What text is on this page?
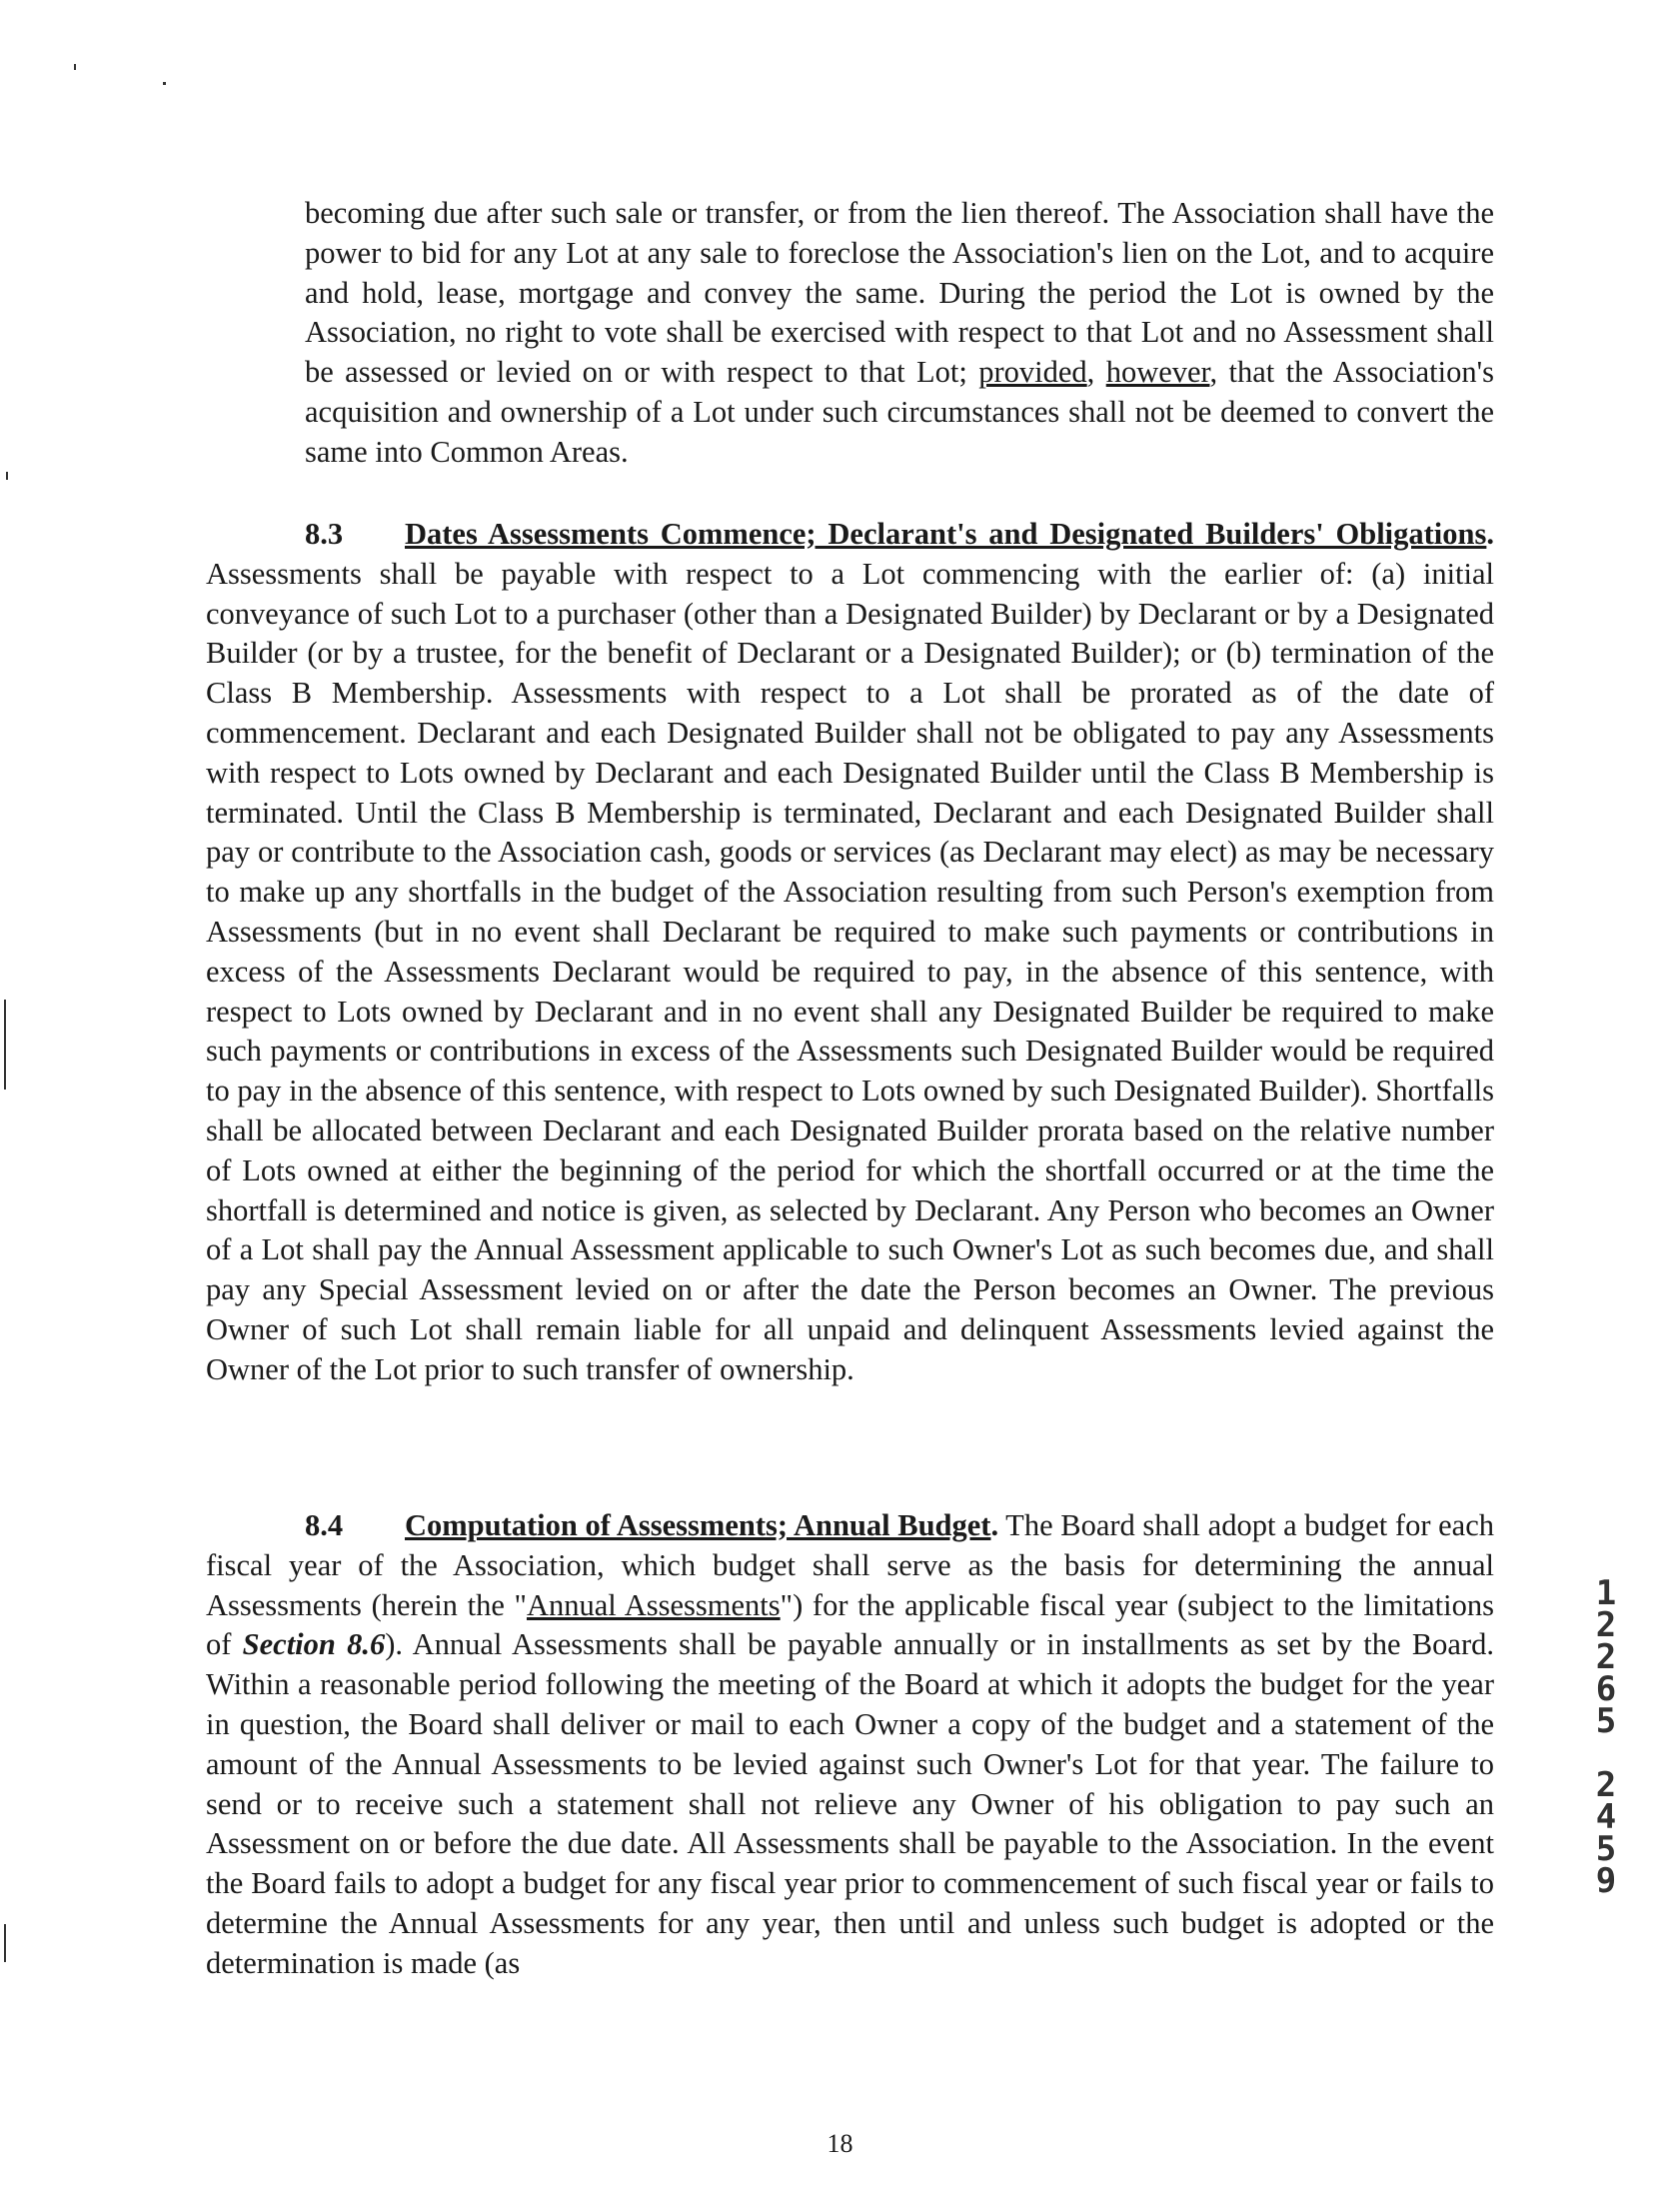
becoming due after such sale or transfer, or from the lien thereof. The Association shall have the power to bid for any Lot at any sale to foreclose the Association's lien on the Lot, and to acquire and hold, lease, mortgage and convey the same. During the period the Lot is owned by the Association, no right to vote shall be exercised with respect to that Lot and no Assessment shall be assessed or levied on or with respect to that Lot; provided, however, that the Association's acquisition and ownership of a Lot under such circumstances shall not be deemed to convert the same into Common Areas.

8.3 Dates Assessments Commence; Declarant's and Designated Builders' Obligations. Assessments shall be payable with respect to a Lot commencing with the earlier of: (a) initial conveyance of such Lot to a purchaser (other than a Designated Builder) by Declarant or by a Designated Builder (or by a trustee, for the benefit of Declarant or a Designated Builder); or (b) termination of the Class B Membership. Assessments with respect to a Lot shall be prorated as of the date of commencement. Declarant and each Designated Builder shall not be obligated to pay any Assessments with respect to Lots owned by Declarant and each Designated Builder until the Class B Membership is terminated. Until the Class B Membership is terminated, Declarant and each Designated Builder shall pay or contribute to the Association cash, goods or services (as Declarant may elect) as may be necessary to make up any shortfalls in the budget of the Association resulting from such Person's exemption from Assessments (but in no event shall Declarant be required to make such payments or contributions in excess of the Assessments Declarant would be required to pay, in the absence of this sentence, with respect to Lots owned by Declarant and in no event shall any Designated Builder be required to make such payments or contributions in excess of the Assessments such Designated Builder would be required to pay in the absence of this sentence, with respect to Lots owned by such Designated Builder). Shortfalls shall be allocated between Declarant and each Designated Builder prorata based on the relative number of Lots owned at either the beginning of the period for which the shortfall occurred or at the time the shortfall is determined and notice is given, as selected by Declarant. Any Person who becomes an Owner of a Lot shall pay the Annual Assessment applicable to such Owner's Lot as such becomes due, and shall pay any Special Assessment levied on or after the date the Person becomes an Owner. The previous Owner of such Lot shall remain liable for all unpaid and delinquent Assessments levied against the Owner of the Lot prior to such transfer of ownership.

8.4 Computation of Assessments; Annual Budget. The Board shall adopt a budget for each fiscal year of the Association, which budget shall serve as the basis for determining the annual Assessments (herein the "Annual Assessments") for the applicable fiscal year (subject to the limitations of Section 8.6). Annual Assessments shall be payable annually or in installments as set by the Board. Within a reasonable period following the meeting of the Board at which it adopts the budget for the year in question, the Board shall deliver or mail to each Owner a copy of the budget and a statement of the amount of the Annual Assessments to be levied against such Owner's Lot for that year. The failure to send or to receive such a statement shall not relieve any Owner of his obligation to pay such an Assessment on or before the due date. All Assessments shall be payable to the Association. In the event the Board fails to adopt a budget for any fiscal year prior to commencement of such fiscal year or fails to determine the Annual Assessments for any year, then until and unless such budget is adopted or the determination is made (as

12265
2459
18
